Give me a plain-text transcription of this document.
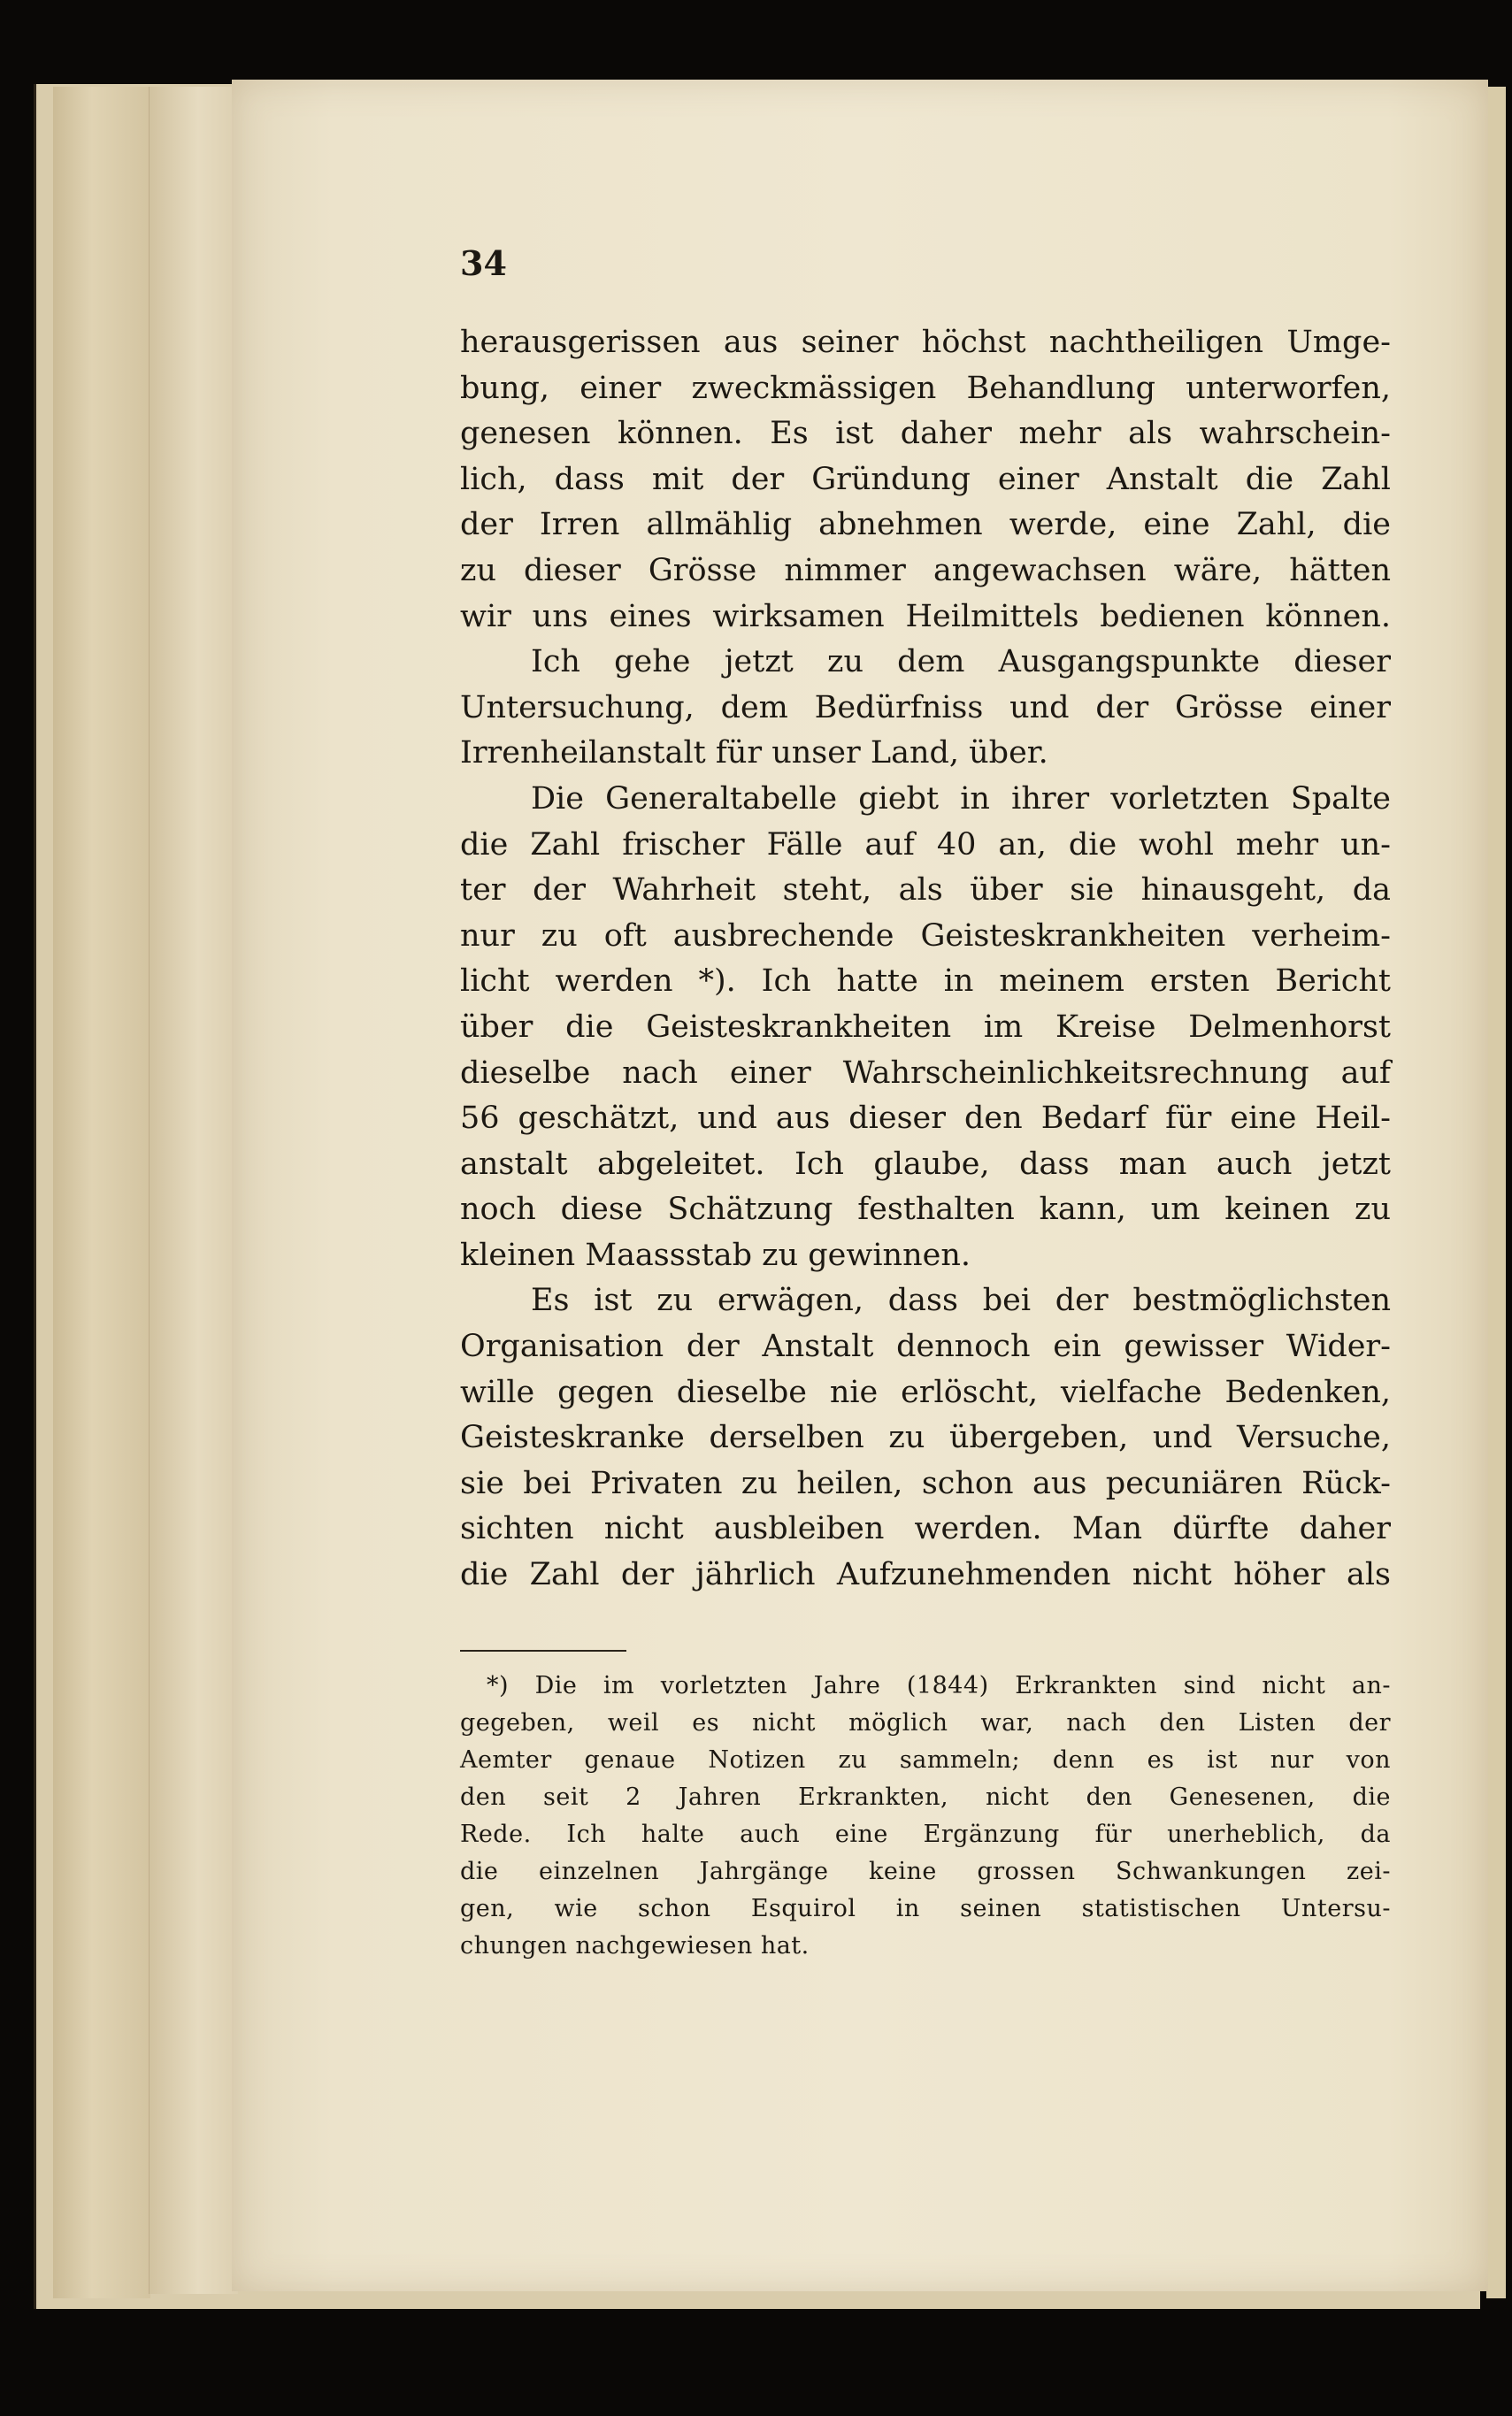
34
herausgerissen aus seiner höchst nachtheiligen Umge-
bung, einer zweckmässigen Behandlung unterworfen,
genesen können. Es ist daher mehr als wahrschein-
lich, dass mit der Gründung einer Anstalt die Zahl
der Irren allmählig abnehmen werde, eine Zahl, die
zu dieser Grösse nimmer angewachsen wäre, hätten
wir uns eines wirksamen Heilmittels bedienen können.
Ich gehe jetzt zu dem Ausgangspunkte dieser
Untersuchung, dem Bedürfniss und der Grösse einer
Irrenheilanstalt für unser Land, über.
Die Generaltabelle giebt in ihrer vorletzten Spalte
die Zahl frischer Fälle auf 40 an, die wohl mehr un-
ter der Wahrheit steht, als über sie hinausgeht, da
nur zu oft ausbrechende Geisteskrankheiten verheim-
licht werden *). Ich hatte in meinem ersten Bericht
über die Geisteskrankheiten im Kreise Delmenhorst
dieselbe nach einer Wahrscheinlichkeitsrechnung auf
56 geschätzt, und aus dieser den Bedarf für eine Heil-
anstalt abgeleitet. Ich glaube, dass man auch jetzt
noch diese Schätzung festhalten kann, um keinen zu
kleinen Maassstab zu gewinnen.
Es ist zu erwägen, dass bei der bestmöglichsten
Organisation der Anstalt dennoch ein gewisser Wider-
wille gegen dieselbe nie erlöscht, vielfache Bedenken,
Geisteskranke derselben zu übergeben, und Versuche,
sie bei Privaten zu heilen, schon aus pecuniären Rück-
sichten nicht ausbleiben werden. Man dürfte daher
die Zahl der jährlich Aufzunehmenden nicht höher als
*) Die im vorletzten Jahre (1844) Erkrankten sind nicht an-
gegeben, weil es nicht möglich war, nach den Listen der
Aemter genaue Notizen zu sammeln; denn es ist nur von
den seit 2 Jahren Erkrankten, nicht den Genesenen, die
Rede. Ich halte auch eine Ergänzung für unerheblich, da
die einzelnen Jahrgänge keine grossen Schwankungen zei-
gen, wie schon Esquirol in seinen statistischen Untersu-
chungen nachgewiesen hat.
